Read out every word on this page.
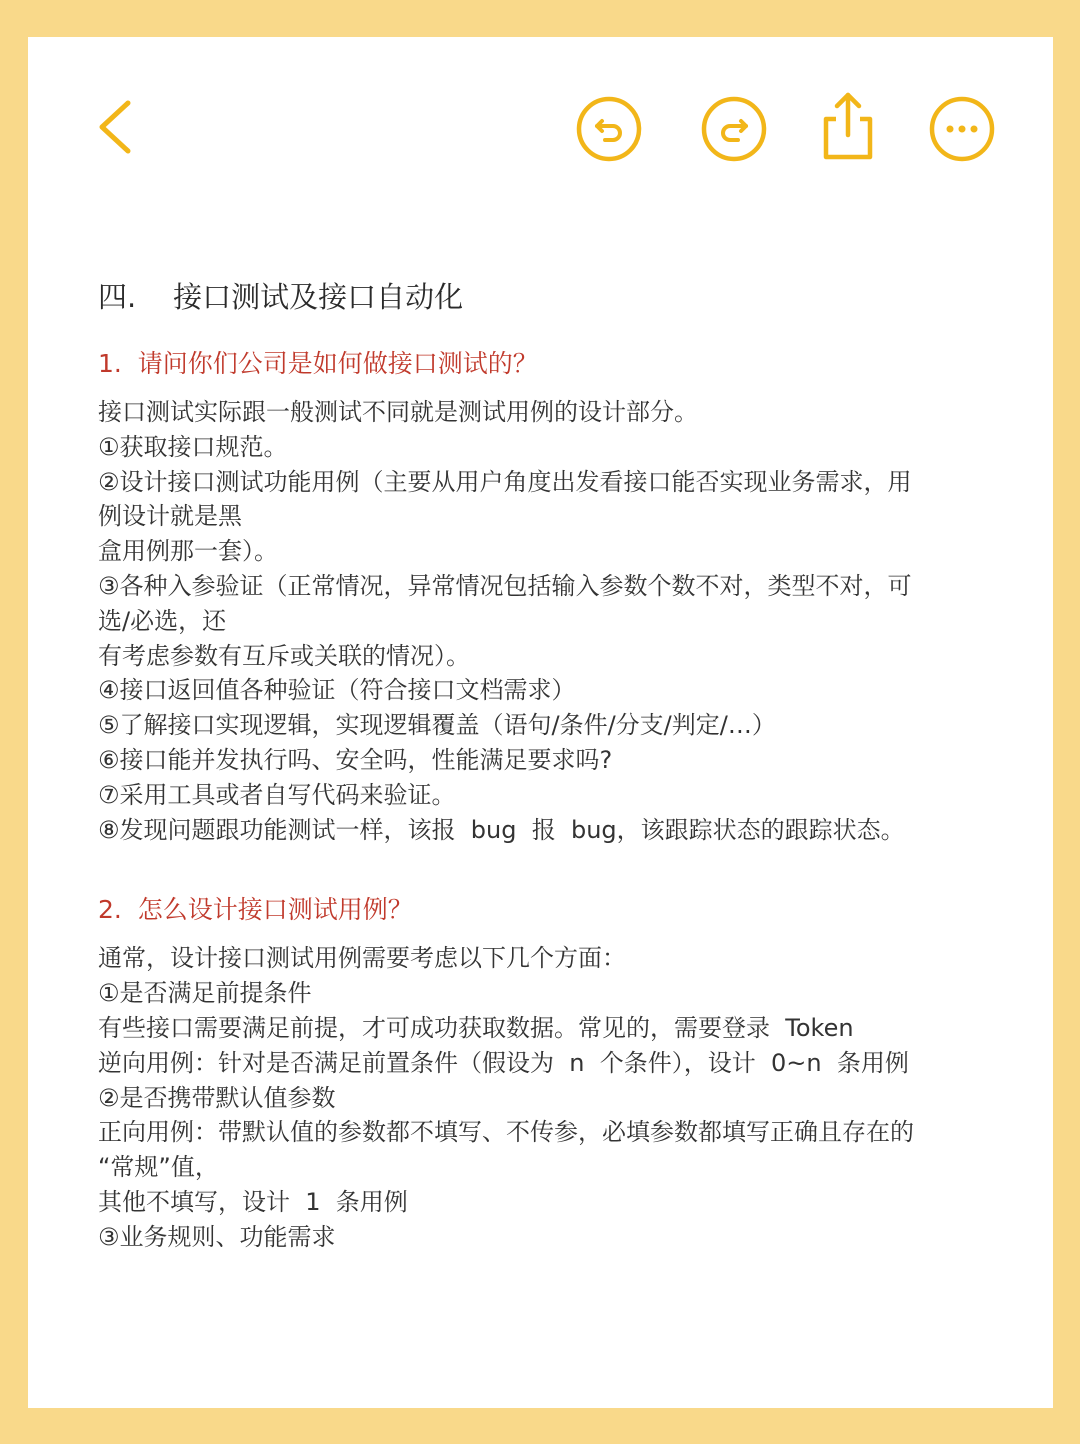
四.    接口测试及接口自动化

1.  请问你们公司是如何做接口测试的？

接口测试实际跟一般测试不同就是测试用例的设计部分。

①获取接口规范。

②设计接口测试功能用例（主要从用户角度出发看接口能否实现业务需求，用

例设计就是黑

盒用例那一套）。

③各种入参验证（正常情况，异常情况包括输入参数个数不对，类型不对，可

选/必选，还

有考虑参数有互斥或关联的情况）。

④接口返回值各种验证（符合接口文档需求）

⑤了解接口实现逻辑，实现逻辑覆盖（语句/条件/分支/判定/…）

⑥接口能并发执行吗、安全吗，性能满足要求吗?

⑦采用工具或者自写代码来验证。

⑧发现问题跟功能测试一样，该报  bug  报  bug，该跟踪状态的跟踪状态。

2.  怎么设计接口测试用例？

通常，设计接口测试用例需要考虑以下几个方面：

①是否满足前提条件

有些接口需要满足前提，才可成功获取数据。常见的，需要登录  Token

逆向用例：针对是否满足前置条件（假设为  n  个条件），设计  0~n  条用例

②是否携带默认值参数

正向用例：带默认值的参数都不填写、不传参，必填参数都填写正确且存在的

“常规”值，

其他不填写，设计  1  条用例

③业务规则、功能需求
